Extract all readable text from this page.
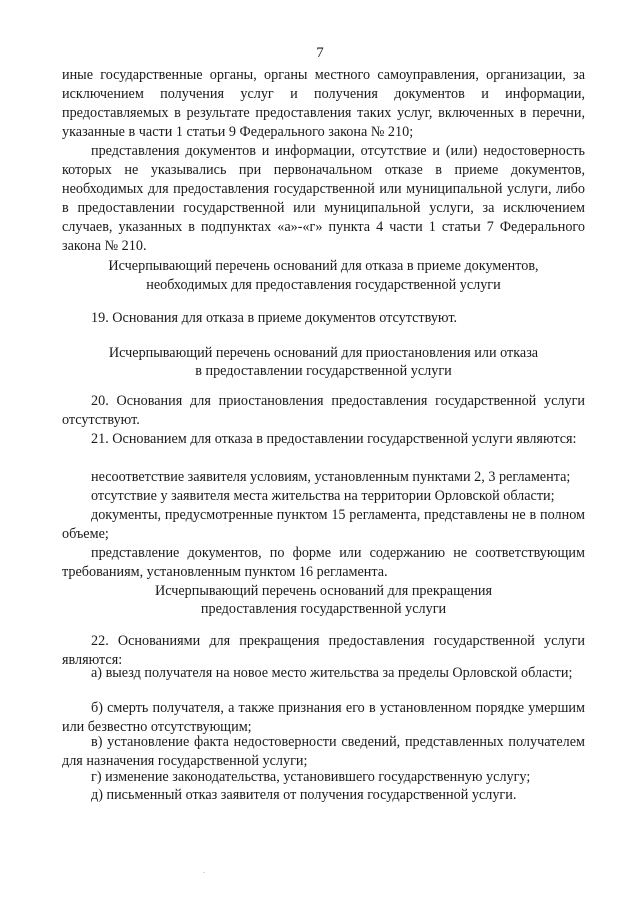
7
иные государственные органы, органы местного самоуправления, организации, за исключением получения услуг и получения документов и информации, предоставляемых в результате предоставления таких услуг, включенных в перечни, указанные в части 1 статьи 9 Федерального закона № 210;
представления документов и информации, отсутствие и (или) недостоверность которых не указывались при первоначальном отказе в приеме документов, необходимых для предоставления государственной или муниципальной услуги, либо в предоставлении государственной или муниципальной услуги, за исключением случаев, указанных в подпунктах «а»-«г» пункта 4 части 1 статьи 7 Федерального закона № 210.
Исчерпывающий перечень оснований для отказа в приеме документов,
необходимых для предоставления государственной услуги
19. Основания для отказа в приеме документов отсутствуют.
Исчерпывающий перечень оснований для приостановления или отказа
в предоставлении государственной услуги
20. Основания для приостановления предоставления государственной услуги отсутствуют.
21. Основанием для отказа в предоставлении государственной услуги являются:
несоответствие заявителя условиям, установленным пунктами 2, 3 регламента;
отсутствие у заявителя места жительства на территории Орловской области;
документы, предусмотренные пунктом 15 регламента, представлены не в полном объеме;
представление документов, по форме или содержанию не соответствующим требованиям, установленным пунктом 16 регламента.
Исчерпывающий перечень оснований для прекращения
предоставления государственной услуги
22. Основаниями для прекращения предоставления государственной услуги являются:
а) выезд получателя на новое место жительства за пределы Орловской области;
б) смерть получателя, а также признания его в установленном порядке умершим или безвестно отсутствующим;
в) установление факта недостоверности сведений, представленных получателем для назначения государственной услуги;
г) изменение законодательства, установившего государственную услугу;
д) письменный отказ заявителя от получения государственной услуги.
.
